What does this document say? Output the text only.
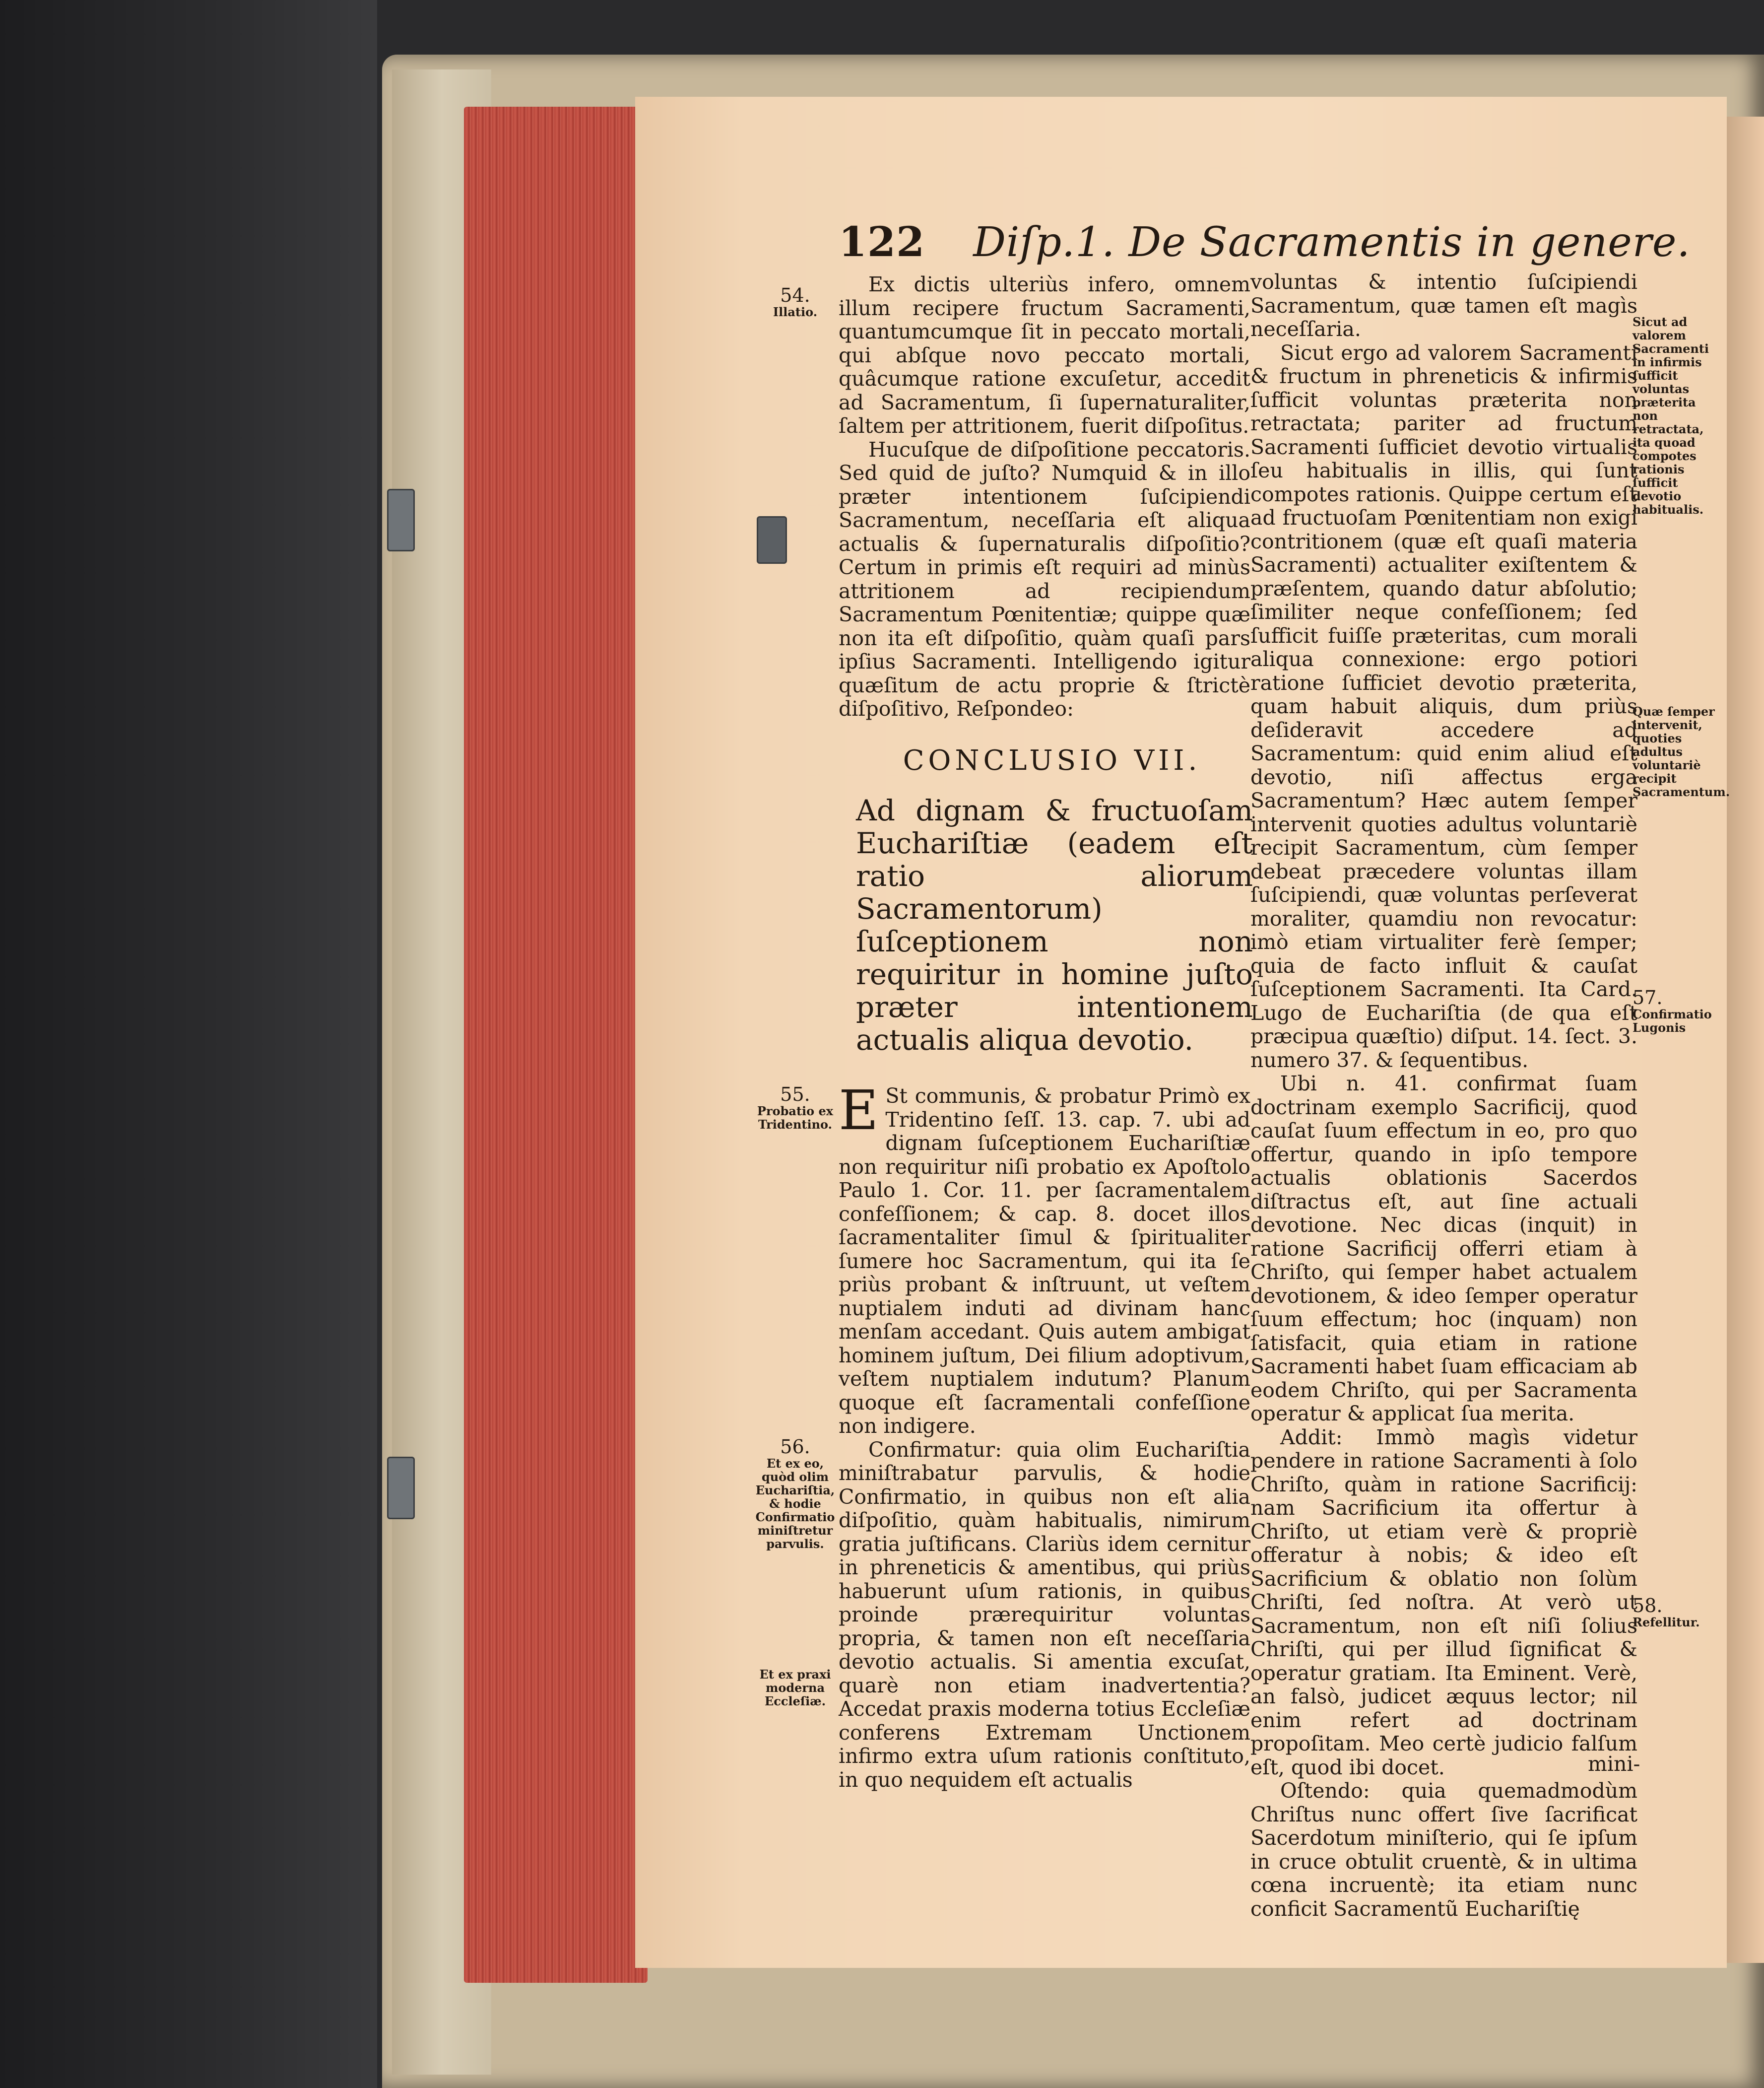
122 Diſp.1. De Sacramentis in genere.

Ex dictis ulteriùs infero, omnem illum recipere fructum Sacramenti, quantumcumque ſit in peccato mortali, qui abſque novo peccato mortali, quâcumque ratione excuſetur, accedit ad Sacramentum, ſi ſupernaturaliter, ſaltem per attritionem, fuerit diſpoſitus.

Hucuſque de diſpoſitione peccatoris. Sed quid de juſto? Numquid & in illo præter intentionem ſuſcipiendi Sacramentum, neceſſaria eſt aliqua actualis & ſupernaturalis diſpoſitio? Certum in primis eſt requiri ad minùs attritionem ad recipiendum Sacramentum Pœnitentiæ; quippe quæ non ita eſt diſpoſitio, quàm quaſi pars ipſius Sacramenti. Intelligendo igitur quæſitum de actu proprie & ſtrictè diſpoſitivo, Reſpondeo:

CONCLUSIO VII.
Ad dignam & fructuoſam Euchariſtiæ (eadem eſt ratio aliorum Sacramentorum) ſuſceptionem non requiritur in homine juſto præter intentionem actualis aliqua devotio.

E St communis, & probatur Primò ex Tridentino ſeſſ. 13. cap. 7. ubi ad dignam ſuſceptionem Euchariſtiæ non requiritur niſi probatio ex Apoſtolo Paulo 1. Cor. 11. per ſacramentalem confeſſionem; & cap. 8. docet illos ſacramentaliter ſimul & ſpiritualiter ſumere hoc Sacramentum, qui ita ſe priùs probant & inſtruunt, ut veſtem nuptialem induti ad divinam hanc menſam accedant. Quis autem ambigat hominem juſtum, Dei filium adoptivum, veſtem nuptialem indutum? Planum quoque eſt ſacramentali confeſſione non indigere.

Confirmatur: quia olim Euchariſtia miniſtrabatur parvulis, & hodie Confirmatio, in quibus non eſt alia diſpoſitio, quàm habitualis, nimirum gratia juſtificans. Clariùs idem cernitur in phreneticis & amentibus, qui priùs habuerunt uſum rationis, in quibus proinde prærequiritur voluntas propria, & tamen non eſt neceſſaria devotio actualis. Si amentia excuſat, quarè non etiam inadvertentia? Accedat praxis moderna totius Eccleſiæ conferens Extremam Unctionem infirmo extra uſum rationis conſtituto, in quo nequidem eſt actualis

voluntas & intentio ſuſcipiendi Sacramentum, quæ tamen eſt magìs neceſſaria.

Sicut ergo ad valorem Sacramenti & fructum in phreneticis & infirmis ſufficit voluntas præterita non retractata; pariter ad fructum Sacramenti ſufficiet devotio virtualis ſeu habitualis in illis, qui ſunt compotes rationis. Quippe certum eſt ad fructuoſam Pœnitentiam non exigi contritionem (quæ eſt quaſi materia Sacramenti) actualiter exiſtentem & præſentem, quando datur abſolutio; ſimiliter neque confeſſionem; ſed ſufficit fuiſſe præteritas, cum morali aliqua connexione: ergo potiori ratione ſufficiet devotio præterita, quam habuit aliquis, dum priùs deſideravit accedere ad Sacramentum: quid enim aliud eſt devotio, niſi affectus erga Sacramentum? Hæc autem ſemper intervenit quoties adultus voluntariè recipit Sacramentum, cùm ſemper debeat præcedere voluntas illam ſuſcipiendi, quæ voluntas perſeverat moraliter, quamdiu non revocatur: imò etiam virtualiter ferè ſemper; quia de facto influit & cauſat ſuſceptionem Sacramenti. Ita Card. Lugo de Euchariſtia (de qua eſt præcipua quæſtio) diſput. 14. ſect. 3. numero 37. & ſequentibus.

Ubi n. 41. confirmat ſuam doctrinam exemplo Sacrificij, quod cauſat ſuum effectum in eo, pro quo offertur, quando in ipſo tempore actualis oblationis Sacerdos diſtractus eſt, aut ſine actuali devotione. Nec dicas (inquit) in ratione Sacrificij offerri etiam à Chriſto, qui ſemper habet actualem devotionem, & ideo ſemper operatur ſuum effectum; hoc (inquam) non ſatisfacit, quia etiam in ratione Sacramenti habet ſuam efficaciam ab eodem Chriſto, qui per Sacramenta operatur & applicat ſua merita.

Addit: Immò magìs videtur pendere in ratione Sacramenti à ſolo Chriſto, quàm in ratione Sacrificij: nam Sacrificium ita offertur à Chriſto, ut etiam verè & propriè offeratur à nobis; & ideo eſt Sacrificium & oblatio non ſolùm Chriſti, ſed noſtra. At verò ut Sacramentum, non eſt niſi ſolius Chriſti, qui per illud ſignificat & operatur gratiam. Ita Eminent. Verè, an falsò, judicet æquus lector; nil enim refert ad doctrinam propoſitam. Meo certè judicio falſum eſt, quod ibi docet.

Oſtendo: quia quemadmodùm Chriſtus nunc offert ſive ſacrificat Sacerdotum miniſterio, qui ſe ipſum in cruce obtulit cruentè, & in ultima cœna incruentè; ita etiam nunc conficit Sacramentũ Euchariſtię

mini-
54.
Illatio.
55.
Probatio ex Tridentino.
56.
Et ex eo, quòd olim Euchariſtia, & hodie Confirmatio miniſtretur parvulis.
Et ex praxi moderna Eccleſiæ.
Sicut ad valorem Sacramenti in infirmis ſufficit voluntas præterita non retractata, ita quoad compotes rationis ſufficit devotio habitualis.
Quæ ſemper intervenit, quoties adultus voluntariè recipit Sacramentum.
57.
Confirmatio Lugonis
58.
Refellitur.
